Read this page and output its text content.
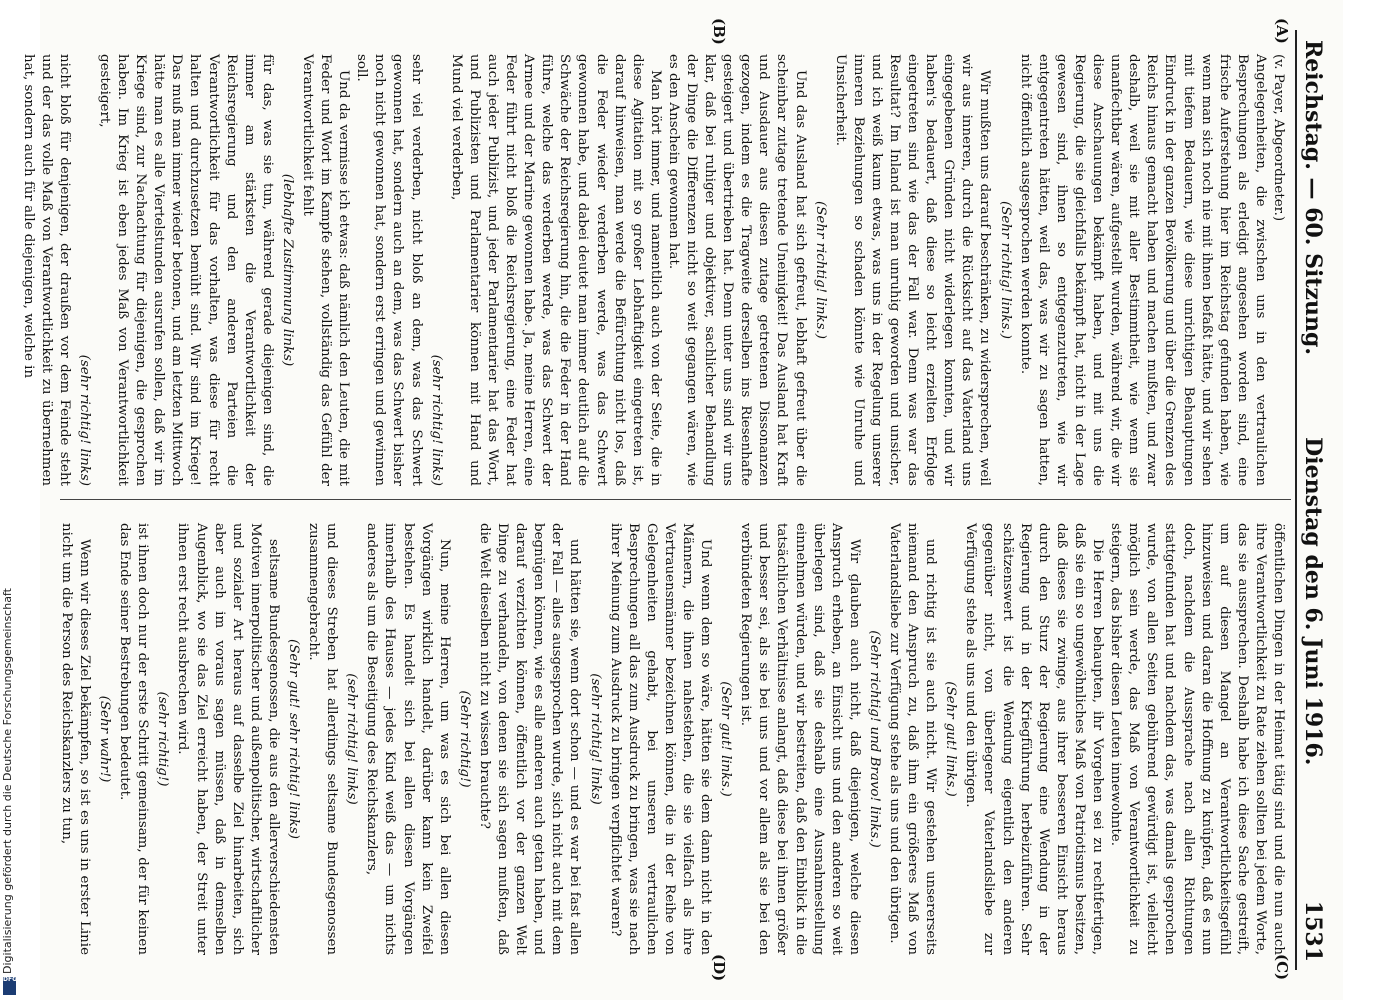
Reichstag. — 60. Sitzung.
Dienstag den 6. Juni 1916.  1531
(A)
(B)
(C)
(D)

(v. Payer, Abgeordneter.)

Angelegenheiten, die zwischen uns in den vertraulichen Besprechungen als erledigt angesehen worden sind, eine frische Auferstehung hier im Reichstag gefunden haben, wie wenn man sich noch nie mit ihnen befaßt hätte, und wir sehen mit tiefem Bedauern, wie diese unrichtigen Behauptungen Eindruck in der ganzen Bevölkerung und über die Grenzen des Reichs hinaus gemacht haben und machen mußten, und zwar deshalb, weil sie mit aller Bestimmtheit, wie wenn sie unanfechtbar wären, aufgestellt wurden, während wir, die wir diese Anschauungen bekämpft haben, und mit uns die Regierung, die sie gleichfalls bekämpft hat, nicht in der Lage gewesen sind, ihnen so entgegenzutreten, wie wir entgegentreten hätten, weil das, was wir zu sagen hatten, nicht öffentlich ausgesprochen werden konnte.

(Sehr richtig! links.)

Wir mußten uns darauf beschränken, zu widersprechen, weil wir aus inneren, durch die Rücksicht auf das Vaterland uns eingegebenen Gründen nicht widerlegen konnten, und wir haben's bedauert, daß diese so leicht erzielten Erfolge eingetreten sind wie das der Fall war. Denn was war das Resultat? Im Inland ist man unruhig geworden und unsicher, und ich weiß kaum etwas, was uns in der Regelung unserer inneren Beziehungen so schaden könnte wie Unruhe und Unsicherheit.

(Sehr richtig! links.)

Und das Ausland hat sich gefreut, lebhaft gefreut über die scheinbar zutage tretende Uneinigkeit! Das Ausland hat Kraft und Ausdauer aus diesen zutage getretenen Dissonanzen gezogen, indem es die Tragweite derselben ins Riesenhafte gesteigert und übertrieben hat. Denn unter uns sind wir uns klar, daß bei ruhiger und objektiver, sachlicher Behandlung der Dinge die Differenzen nicht so weit gegangen wären, wie es den Anschein gewonnen hat.

Man hört immer, und namentlich auch von der Seite, die in diese Agitation mit so großer Lebhaftigkeit eingetreten ist, darauf hinweisen, man werde die Befürchtung nicht los, daß die Feder wieder verderben werde, was das Schwert gewonnen habe, und dabei deutet man immer deutlich auf die Schwäche der Reichsregierung hin, die die Feder in der Hand führe, welche das verderben werde, was das Schwert der Armee und der Marine gewonnen habe. Ja, meine Herren, eine Feder führt nicht bloß die Reichsregierung, eine Feder hat auch jeder Publizist, und jeder Parlamentarier hat das Wort, und Publizisten und Parlamentarier können mit Hand und Mund viel verderben,

(sehr richtig! links)

sehr viel verderben, nicht bloß an dem, was das Schwert gewonnen hat, sondern auch an dem, was das Schwert bisher noch nicht gewonnen hat, sondern erst erringen und gewinnen soll.

Und da vermisse ich etwas: daß nämlich den Leuten, die mit Feder und Wort im Kampfe stehen, vollständig das Gefühl der Verantwortlichkeit fehlt

(lebhafte Zustimmung links)

für das, was sie tun, während gerade diejenigen sind, die immer am stärksten die Verantwortlichkeit der Reichsregierung und den anderen Parteien die Verantwortlichkeit für das vorhalten, was diese für recht halten und durchzusetzen bemüht sind. Wir sind im Kriege! Das muß man immer wieder betonen, und am letzten Mittwoch hätte man es alle Viertelstunden ausrufen sollen, daß wir im Kriege sind, zur Nachachtung für diejenigen, die gesprochen haben. Im Krieg ist eben jedes Maß von Verantwortlichkeit gesteigert,

(sehr richtig! links)

nicht bloß für denjenigen, der draußen vor dem Feinde steht und der das volle Maß von Verantwortlichkeit zu übernehmen hat, sondern auch für alle diejenigen, welche in

öffentlichen Dingen in der Heimat tätig sind und die nun auch ihre Verantwortlichkeit zu Rate ziehen sollten bei jedem Worte, das sie aussprechen. Deshalb habe ich diese Sache gestreift, um auf diesen Mangel an Verantwortlichkeitsgefühl hinzuweisen und daran die Hoffnung zu knüpfen, daß es nun doch, nachdem die Aussprache nach allen Richtungen stattgefunden hat und nachdem das, was damals gesprochen wurde, von allen Seiten gebührend gewürdigt ist, vielleicht möglich sein werde, das Maß von Verantwortlichkeit zu steigern, das bisher diesen Leuten innewohnte.

Die Herren behaupten, ihr Vorgehen sei zu rechtfertigen, daß sie ein so ungewöhnliches Maß von Patriotismus besitzen, daß dieses sie zwinge, aus ihrer besseren Einsicht heraus durch den Sturz der Regierung eine Wendung in der Regierung und in der Kriegführung herbeizuführen. Sehr schätzenswert ist die Wendung eigentlich den anderen gegenüber nicht, von überlegener Vaterlandsliebe zur Verfügung stehe als uns und den übrigen.

(Sehr gut! links.)

und richtig ist sie auch nicht. Wir gestehen unsererseits niemand den Anspruch zu, daß ihm ein größeres Maß von Vaterlandsliebe zur Verfügung stehe als uns und den übrigen.

(Sehr richtig! und Bravo! links.)

Wir glauben auch nicht, daß diejenigen, welche diesen Anspruch erheben, an Einsicht uns und den anderen so weit überlegen sind, daß sie deshalb eine Ausnahmestellung einnehmen würden, und wir bestreiten, daß den Einblick in die tatsächlichen Verhältnisse anlangt, daß diese bei ihnen größer und besser sei, als sie bei uns und vor allem als sie bei den verbündeten Regierungen ist.

(Sehr gut! links.)

Und wenn dem so wäre, hätten sie dem dann nicht in den Männern, die ihnen nahestehen, die sie vielfach als ihre Vertrauensmänner bezeichnen können, die in der Reihe von Gelegenheiten gehabt, bei unseren vertraulichen Besprechungen all das zum Ausdruck zu bringen, was sie nach ihrer Meinung zum Ausdruck zu bringen verpflichtet waren?

(sehr richtig! links)

und hätten sie, wenn dort schon — und es war bei fast allen der Fall — alles ausgesprochen wurde, sich nicht auch mit dem begnügen können, wie es alle anderen auch getan haben, und darauf verzichten können, öffentlich vor der ganzen Welt Dinge zu verhandeln, von denen sie sich sagen mußten, daß die Welt dieselben nicht zu wissen brauchte?

(Sehr richtig!)

Nun, meine Herren, um was es sich bei allen diesen Vorgängen wirklich handelt, darüber kann kein Zweifel bestehen. Es handelt sich bei allen diesen Vorgängen innerhalb des Hauses — jedes Kind weiß das — um nichts anderes als um die Beseitigung des Reichskanzlers,

(sehr richtig! links)

und dieses Streben hat allerdings seltsame Bundesgenossen zusammengebracht.

(Sehr gut! sehr richtig! links)

seltsame Bundesgenossen, die aus den allerverschiedensten Motiven innerpolitischer und außenpolitischer, wirtschaftlicher und sozialer Art heraus auf dasselbe Ziel hinarbeiten, sich aber auch im voraus sagen müssen, daß in demselben Augenblick, wo sie das Ziel erreicht haben, der Streit unter ihnen erst recht ausbrechen wird.

(sehr richtig!)

ist ihnen doch nur der erste Schritt gemeinsam, der für keinen das Ende seiner Bestrebungen bedeutet.

(Sehr wahr!)

Wenn wir dieses Ziel bekämpfen, so ist es uns in erster Linie nicht um die Person des Reichskanzlers zu tun,

Digitalisierung gefördert durch die Deutsche Forschungsgemeinschaft
DFG
